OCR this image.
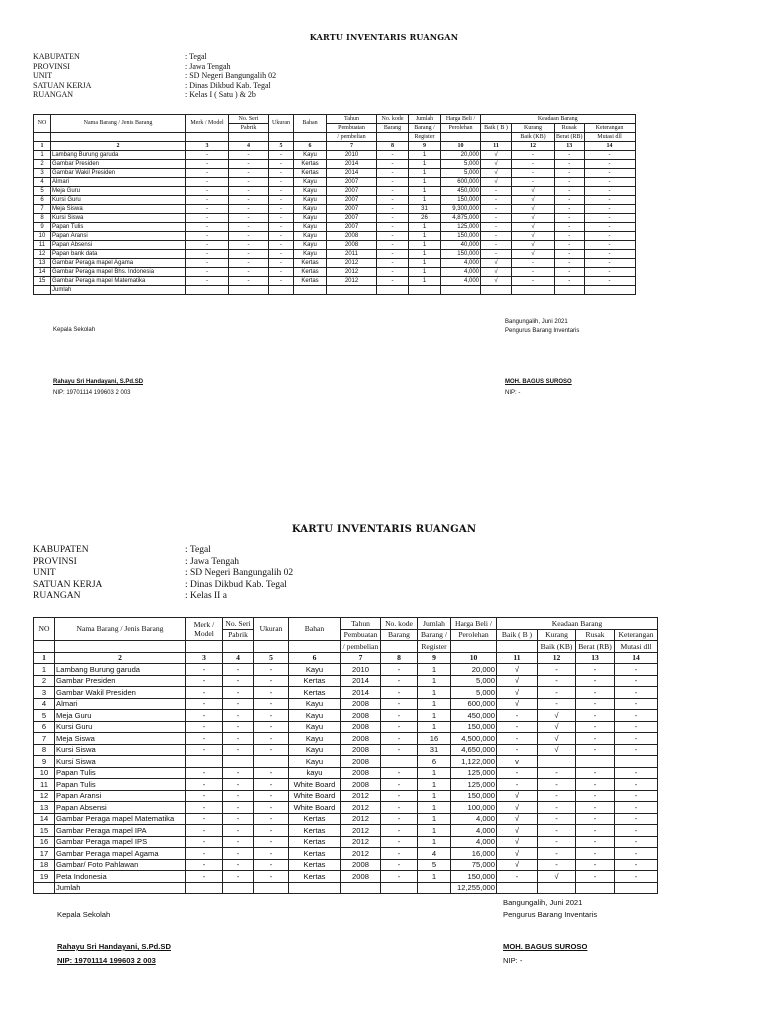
KARTU INVENTARIS RUANGAN
KABUPATEN	: Tegal
PROVINSI	: Jawa Tengah
UNIT	: SD Negeri Bangungalih 02
SATUAN KERJA	: Dinas Dikbud Kab. Tegal
RUANGAN	: Kelas I ( Satu ) & 2b
NO	Nama Barang / Jenis Barang	Merk / Model	No. Seri	Ukuran	Bahan	Tahun	No. kode	Jumlah	Harga Beli /	Keadaan Barang			
			Pabrik			Pembuatan	Barang	Barang /	Perolehan	Baik ( B )	Kurang	Rusak	Keterangan
						/ pembelian		Register			Baik (KB)	Berat (RB)	Mutasi dll
1	2	3	4	5	6	7	8	9	10	11	12	13	14
1	Lambang Burung garuda	-	-	-	Kayu	2010	-	1	20,000	√	-	-	-
2	Gambar Presiden	-	-	-	Kertas	2014	-	1	5,000	√	-	-	-
3	Gambar Wakil Presiden	-	-	-	Kertas	2014	-	1	5,000	√	-	-	-
4	Almari	-	-	-	Kayu	2007	-	1	600,000	√	-	-	-
5	Meja Guru	-	-	-	Kayu	2007	-	1	450,000	-	√	-	-
6	Kursi Guru	-	-	-	Kayu	2007	-	1	150,000	-	√	-	-
7	Meja Siswa	-	-	-	Kayu	2007	-	31	9,300,000	-	√	-	-
8	Kursi Siswa	-	-	-	Kayu	2007	-	26	4,875,000	-	√	-	-
9	Papan Tulis	-	-	-	Kayu	2007	-	1	125,000	-	√	-	-
10	Papan Aransi	-	-	-	Kayu	2008	-	1	150,000	-	√	-	-
11	Papan Absensi	-	-	-	Kayu	2008	-	1	40,000	-	√	-	-
12	Papan bank data	-	-	-	Kayu	2011	-	1	150,000	-	√	-	-
13	Gambar Peraga mapel Agama	-	-	-	Kertas	2012	-	1	4,000	√	-	-	-
14	Gambar Peraga mapel Bhs. Indonesia	-	-	-	Kertas	2012	-	1	4,000	√	-	-	-
15	Gambar Peraga mapel Matematika	-	-	-	Kertas	2012	-	1	4,000	√	-	-	-
	Jumlah												
Bangungalih, Juni 2021
Kepala Sekolah	Pengurus Barang Inventaris
Rahayu Sri Handayani, S.Pd.SD
NIP: 19701114 199603 2 003
MOH. BAGUS SUROSO
NIP: -
KARTU INVENTARIS RUANGAN
KABUPATEN	: Tegal
PROVINSI	: Jawa Tengah
UNIT	: SD Negeri Bangungalih 02
SATUAN KERJA	: Dinas Dikbud Kab. Tegal
RUANGAN	: Kelas II a
NO	Nama Barang / Jenis Barang	Merk / Model	No. Seri	Ukuran	Bahan	Tahun	No. kode	Jumlah	Harga Beli /	Keadaan Barang			
			Pabrik			Pembuatan	Barang	Barang /	Perolehan	Baik ( B )	Kurang	Rusak	Keterangan
						/ pembelian		Register			Baik (KB)	Berat (RB)	Mutasi dll
1	2	3	4	5	6	7	8	9	10	11	12	13	14
1	Lambang Burung garuda	-	-	-	Kayu	2010	-	1	20,000	√	-	-	-
2	Gambar Presiden	-	-	-	Kertas	2014	-	1	5,000	√	-	-	-
3	Gambar Wakil Presiden	-	-	-	Kertas	2014	-	1	5,000	√	-	-	-
4	Almari	-	-	-	Kayu	2008	-	1	600,000	√	-	-	-
5	Meja Guru	-	-	-	Kayu	2008	-	1	450,000	-	√	-	-
6	Kursi Guru	-	-	-	Kayu	2008	-	1	150,000	-	√	-	-
7	Meja Siswa	-	-	-	Kayu	2008	-	16	4,500,000	-	√	-	-
8	Kursi Siswa	-	-	-	Kayu	2008	-	31	4,650,000	-	√	-	-
9	Kursi Siswa				Kayu	2008		6	1,122,000	v			
10	Papan Tulis	-	-	-	kayu	2008	-	1	125,000	-	-	-	-
11	Papan Tulis	-	-	-	White Board	2008	-	1	125,000	-	-	-	-
12	Papan Aransi	-	-	-	White Board	2012	-	1	150,000	√	-	-	-
13	Papan Absensi	-	-	-	White Board	2012	-	1	100,000	√	-	-	-
14	Gambar Peraga mapel Matematika	-	-	-	Kertas	2012	-	1	4,000	√	-	-	-
15	Gambar Peraga mapel IPA	-	-	-	Kertas	2012	-	1	4,000	√	-	-	-
16	Gambar Peraga mapel IPS	-	-	-	Kertas	2012	-	1	4,000	√	-	-	-
17	Gambar Peraga mapel Agama	-	-	-	Kertas	2012	-	4	16,000	√	-	-	-
18	Gambar/ Foto Pahlawan	-	-	-	Kertas	2008	-	5	75,000	√	-	-	-
19	Peta Indonesia	-	-	-	Kertas	2008	-	1	150,000	-	√	-	-
	Jumlah								12,255,000				
Bangungalih, Juni 2021
Kepala Sekolah	Pengurus Barang Inventaris
Rahayu Sri Handayani, S.Pd.SD
NIP: 19701114 199603 2 003
MOH. BAGUS SUROSO
NIP: -
